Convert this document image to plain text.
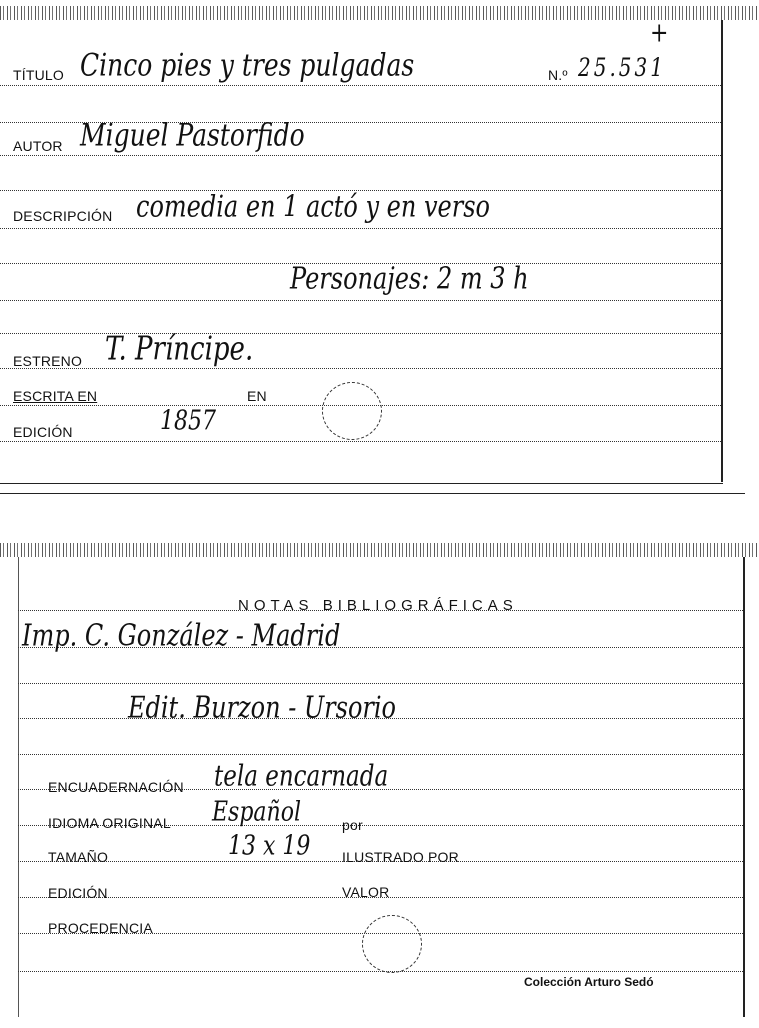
TÍTULO Cinco pies y tres pulgadas	N.º 25.531
+
AUTOR Miguel Pastorfido
DESCRIPCIÓN comedia en 1 actó y en verso
Personajes: 2 m 3 h
ESTRENO T. Príncipe.
ESCRITA EN	EN
EDICIÓN	1857
NOTAS BIBLIOGRÁFICAS
Imp. C. González - Madrid
Edit. Burzon - Ursorio
ENCUADERNACIÓN tela encarnada
IDIOMA ORIGINAL Español	por
TAMAÑO	13 x 19 ILUSTRADO POR
EDICIÓN	VALOR
PROCEDENCIA
Colección Arturo Sedó
